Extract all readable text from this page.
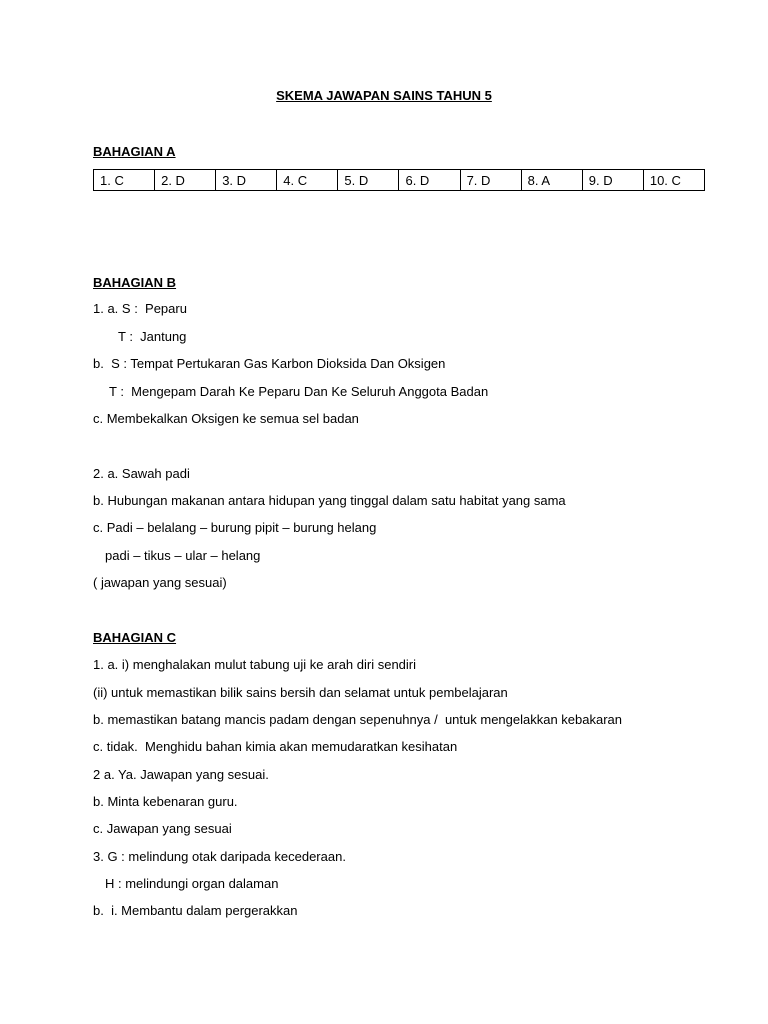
SKEMA JAWAPAN SAINS TAHUN 5
BAHAGIAN A
1. C	2. D	3. D	4. C	5. D	6. D	7. D	8. A	9. D	10. C
BAHAGIAN B
1. a. S :  Peparu
T :  Jantung
b.  S : Tempat Pertukaran Gas Karbon Dioksida Dan Oksigen
T :  Mengepam Darah Ke Peparu Dan Ke Seluruh Anggota Badan
c. Membekalkan Oksigen ke semua sel badan
2. a. Sawah padi
b. Hubungan makanan antara hidupan yang tinggal dalam satu habitat yang sama
c. Padi – belalang – burung pipit – burung helang
padi – tikus – ular – helang
( jawapan yang sesuai)
BAHAGIAN C
1. a. i) menghalakan mulut tabung uji ke arah diri sendiri
(ii) untuk memastikan bilik sains bersih dan selamat untuk pembelajaran
b. memastikan batang mancis padam dengan sepenuhnya /  untuk mengelakkan kebakaran
c. tidak.  Menghidu bahan kimia akan memudaratkan kesihatan
2 a. Ya. Jawapan yang sesuai.
b. Minta kebenaran guru.
c. Jawapan yang sesuai
3. G : melindung otak daripada kecederaan.
H : melindungi organ dalaman
b.  i. Membantu dalam pergerakkan
